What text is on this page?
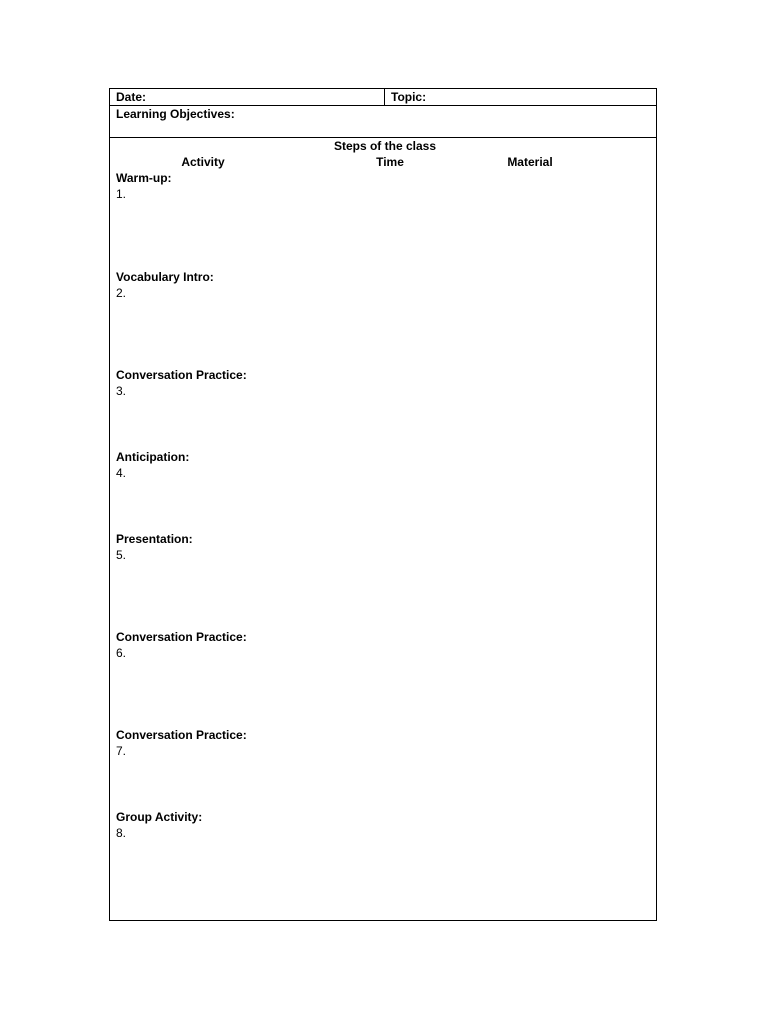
Date:	Topic:
Learning Objectives:
Steps of the class
Activity	Time	Material
Warm-up:
1.
Vocabulary Intro:
2.
Conversation Practice:
3.
Anticipation:
4.
Presentation:
5.
Conversation Practice:
6.
Conversation Practice:
7.
Group Activity:
8.
